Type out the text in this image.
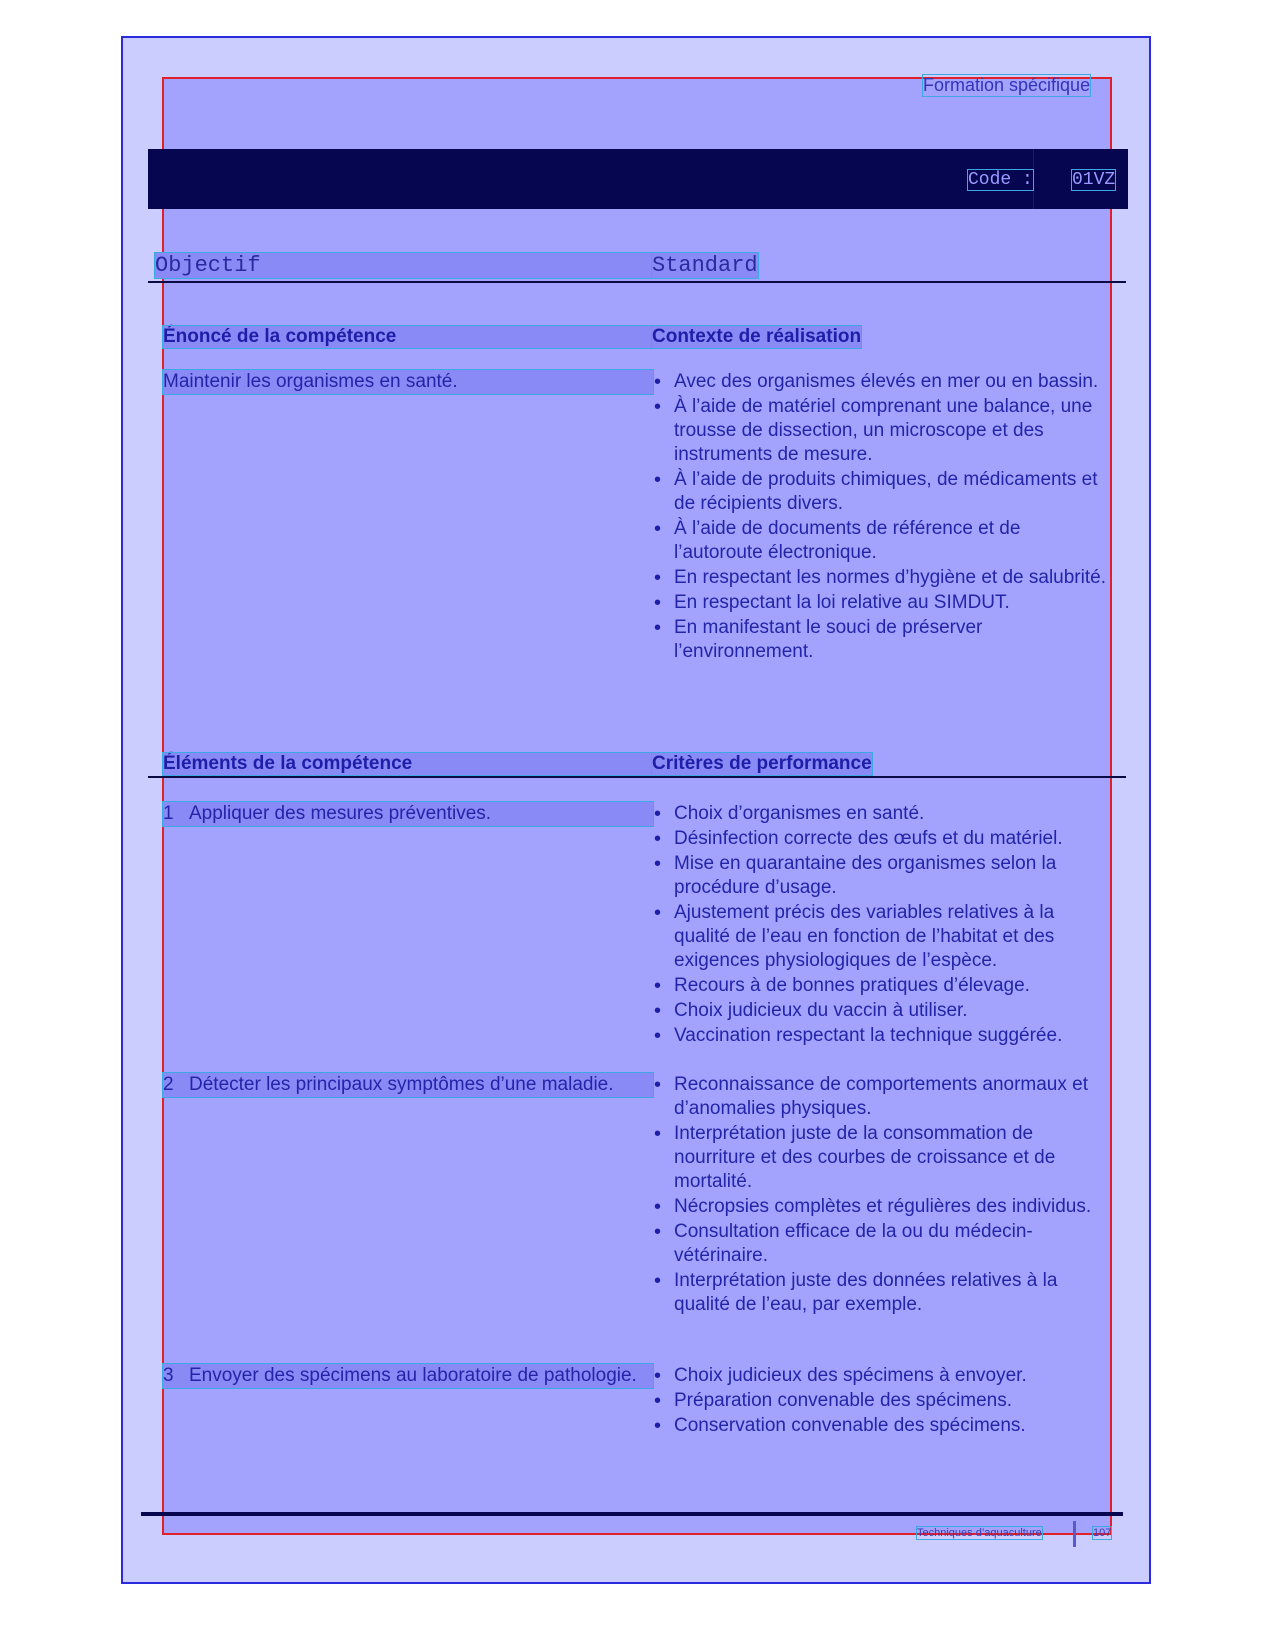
Formation spécifique
Code : 01VZ
Objectif	Standard
Énoncé de la compétence	Contexte de réalisation
Maintenir les organismes en santé.	• Avec des organismes élevés en mer ou en bassin.
• À l’aide de matériel comprenant une balance, une trousse de dissection, un microscope et des instruments de mesure.
• À l’aide de produits chimiques, de médicaments et de récipients divers.
• À l’aide de documents de référence et de l’autoroute électronique.
• En respectant les normes d’hygiène et de salubrité.
• En respectant la loi relative au SIMDUT.
• En manifestant le souci de préserver l’environnement.
Éléments de la compétence	Critères de performance
1 Appliquer des mesures préventives.	• Choix d’organismes en santé.
• Désinfection correcte des œufs et du matériel.
• Mise en quarantaine des organismes selon la procédure d’usage.
• Ajustement précis des variables relatives à la qualité de l’eau en fonction de l’habitat et des exigences physiologiques de l’espèce.
• Recours à de bonnes pratiques d’élevage.
• Choix judicieux du vaccin à utiliser.
• Vaccination respectant la technique suggérée.
2 Détecter les principaux symptômes d’une maladie.	• Reconnaissance de comportements anormaux et d’anomalies physiques.
• Interprétation juste de la consommation de nourriture et des courbes de croissance et de mortalité.
• Nécropsies complètes et régulières des individus.
• Consultation efficace de la ou du médecin-vétérinaire.
• Interprétation juste des données relatives à la qualité de l’eau, par exemple.
3 Envoyer des spécimens au laboratoire de pathologie.	• Choix judicieux des spécimens à envoyer.
• Préparation convenable des spécimens.
• Conservation convenable des spécimens.
Techniques d’aquaculture	107
